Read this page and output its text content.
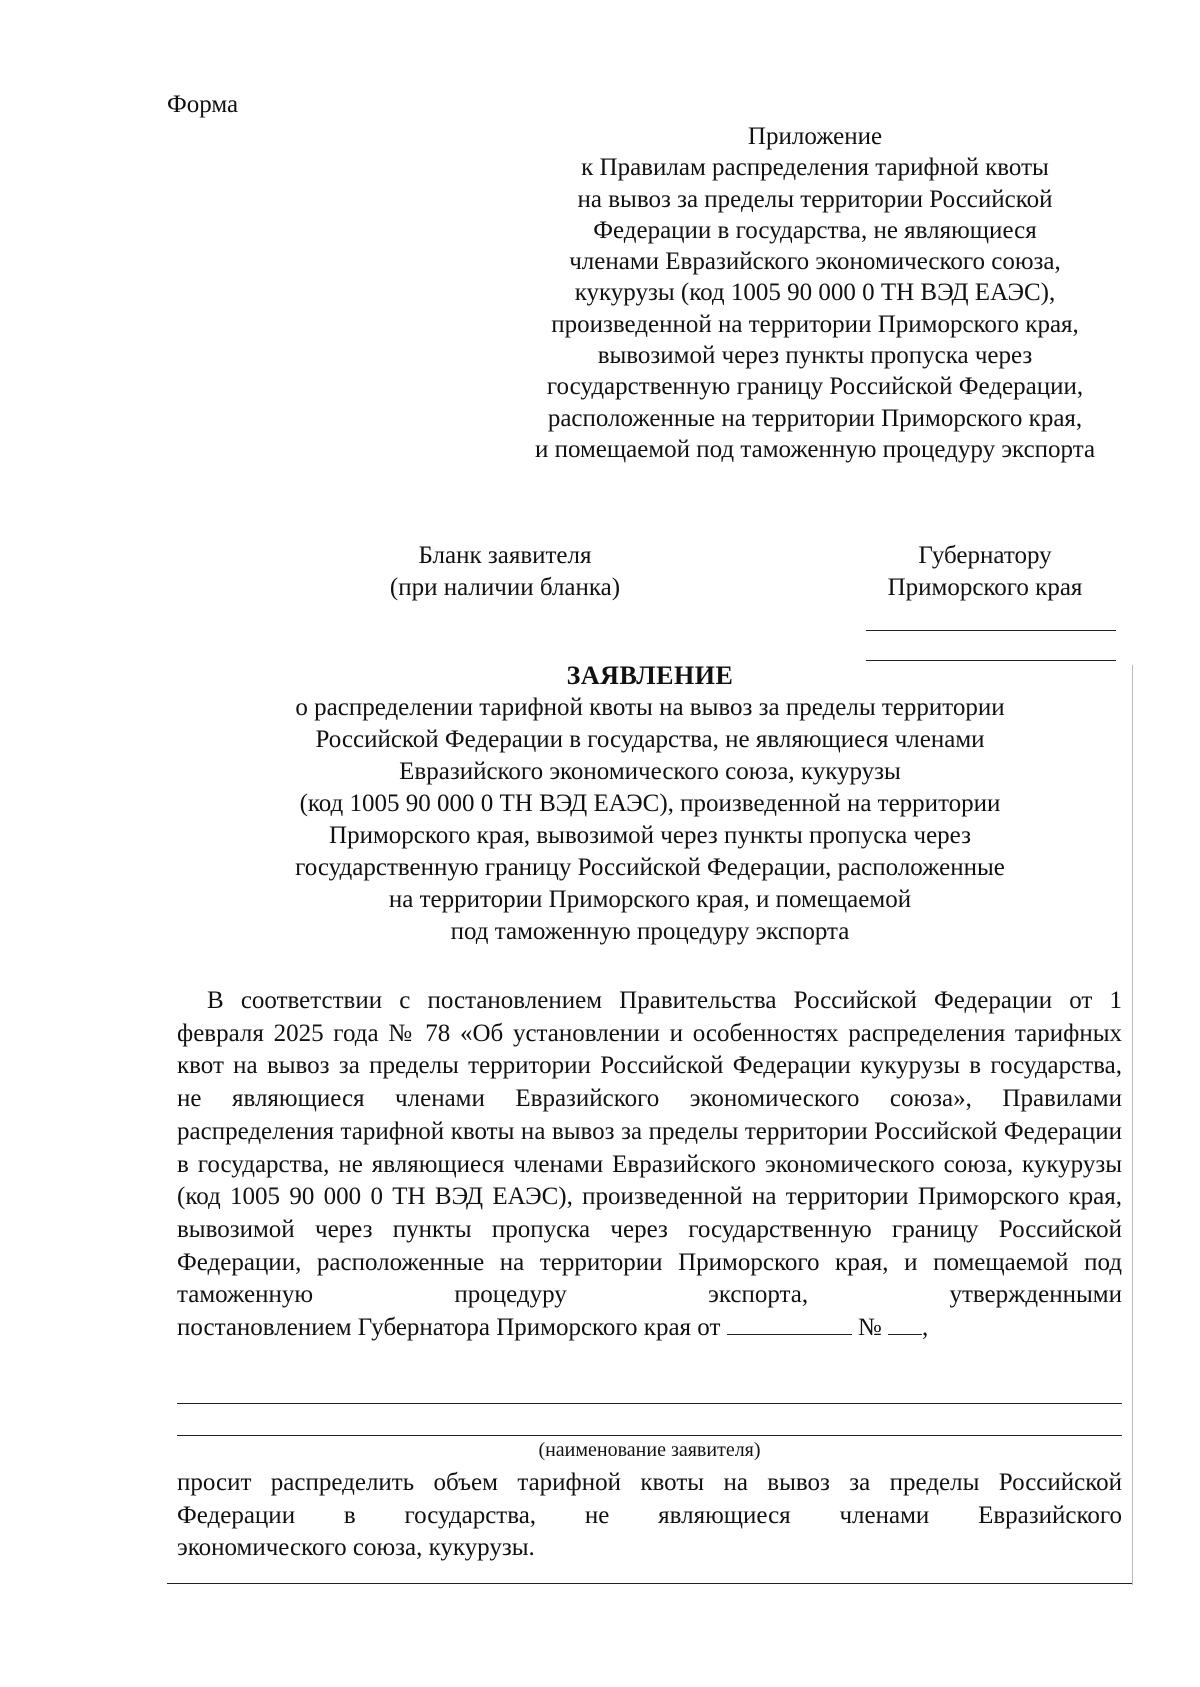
Форма
Приложение
к Правилам распределения тарифной квоты
на вывоз за пределы территории Российской
Федерации в государства, не являющиеся
членами Евразийского экономического союза,
кукурузы (код 1005 90 000 0 ТН ВЭД ЕАЭС),
произведенной на территории Приморского края,
вывозимой через пункты пропуска через
государственную границу Российской Федерации,
расположенные на территории Приморского края,
и помещаемой под таможенную процедуру экспорта
Бланк заявителя
(при наличии бланка)
Губернатору
Приморского края
ЗАЯВЛЕНИЕ
о распределении тарифной квоты на вывоз за пределы территории
Российской Федерации в государства, не являющиеся членами
Евразийского экономического союза, кукурузы
(код 1005 90 000 0 ТН ВЭД ЕАЭС), произведенной на территории
Приморского края, вывозимой через пункты пропуска через
государственную границу Российской Федерации, расположенные
на территории Приморского края, и помещаемой
под таможенную процедуру экспорта

В соответствии с постановлением Правительства Российской Федерации от 1 февраля 2025 года № 78 «Об установлении и особенностях распределения тарифных квот на вывоз за пределы территории Российской Федерации кукурузы в государства, не являющиеся членами Евразийского экономического союза», Правилами распределения тарифной квоты на вывоз за пределы территории Российской Федерации в государства, не являющиеся членами Евразийского экономического союза, кукурузы (код 1005 90 000 0 ТН ВЭД ЕАЭС), произведенной на территории Приморского края, вывозимой через пункты пропуска через государственную границу Российской Федерации, расположенные на территории Приморского края, и помещаемой под таможенную процедуру экспорта, утвержденными

постановлением Губернатора Приморского края от	№ ,
(наименование заявителя)

просит распределить объем тарифной квоты на вывоз за пределы Российской Федерации в государства, не являющиеся членами Евразийского

экономического союза, кукурузы.
